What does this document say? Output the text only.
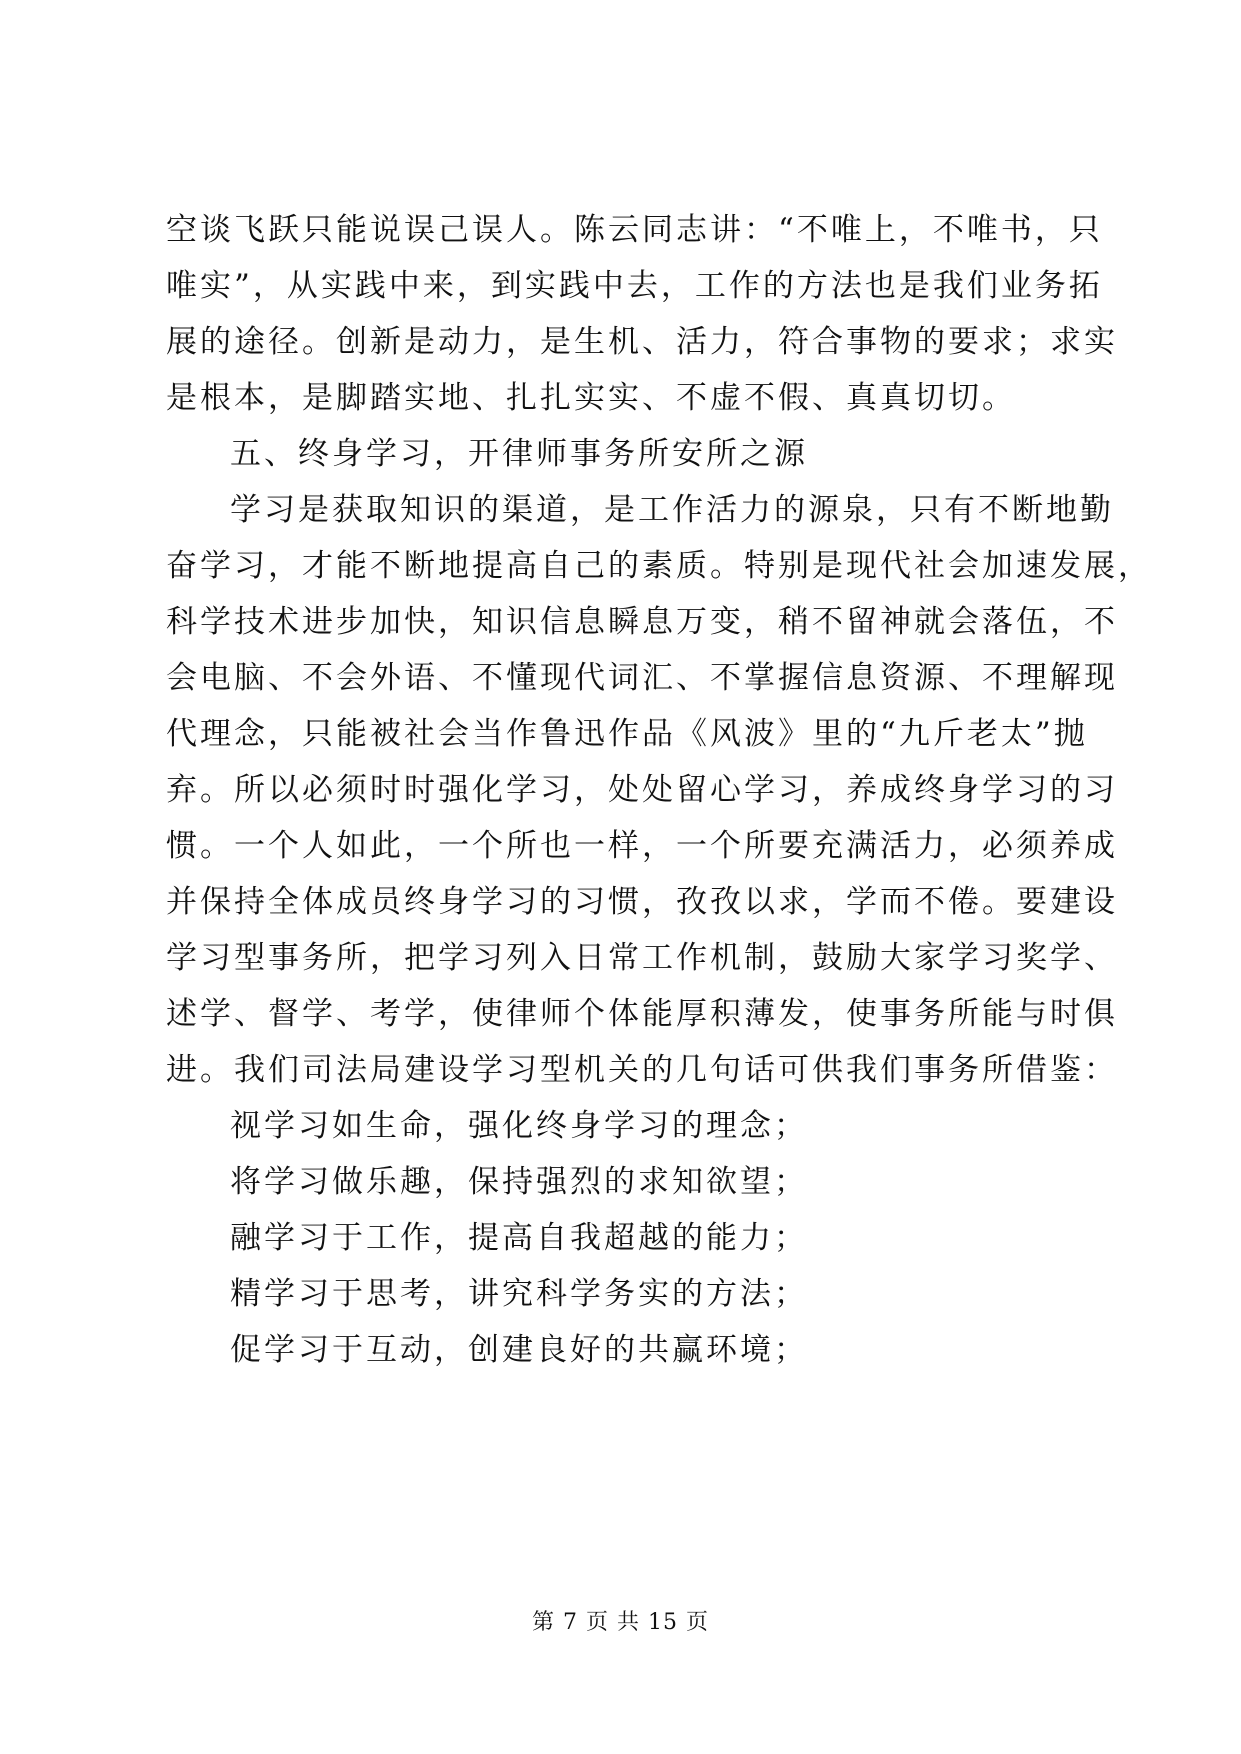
空谈飞跃只能说误己误人。陈云同志讲：“不唯上，不唯书，只
唯实”，从实践中来，到实践中去，工作的方法也是我们业务拓
展的途径。创新是动力，是生机、活力，符合事物的要求；求实
是根本，是脚踏实地、扎扎实实、不虚不假、真真切切。
五、终身学习，开律师事务所安所之源
学习是获取知识的渠道，是工作活力的源泉，只有不断地勤
奋学习，才能不断地提高自己的素质。特别是现代社会加速发展，
科学技术进步加快，知识信息瞬息万变，稍不留神就会落伍，不
会电脑、不会外语、不懂现代词汇、不掌握信息资源、不理解现
代理念，只能被社会当作鲁迅作品《风波》里的“九斤老太”抛
弃。所以必须时时强化学习，处处留心学习，养成终身学习的习
惯。一个人如此，一个所也一样，一个所要充满活力，必须养成
并保持全体成员终身学习的习惯，孜孜以求，学而不倦。要建设
学习型事务所，把学习列入日常工作机制，鼓励大家学习奖学、
述学、督学、考学，使律师个体能厚积薄发，使事务所能与时俱
进。我们司法局建设学习型机关的几句话可供我们事务所借鉴：
视学习如生命，强化终身学习的理念；
将学习做乐趣，保持强烈的求知欲望；
融学习于工作，提高自我超越的能力；
精学习于思考，讲究科学务实的方法；
促学习于互动，创建良好的共赢环境；
第 7 页 共 15 页
